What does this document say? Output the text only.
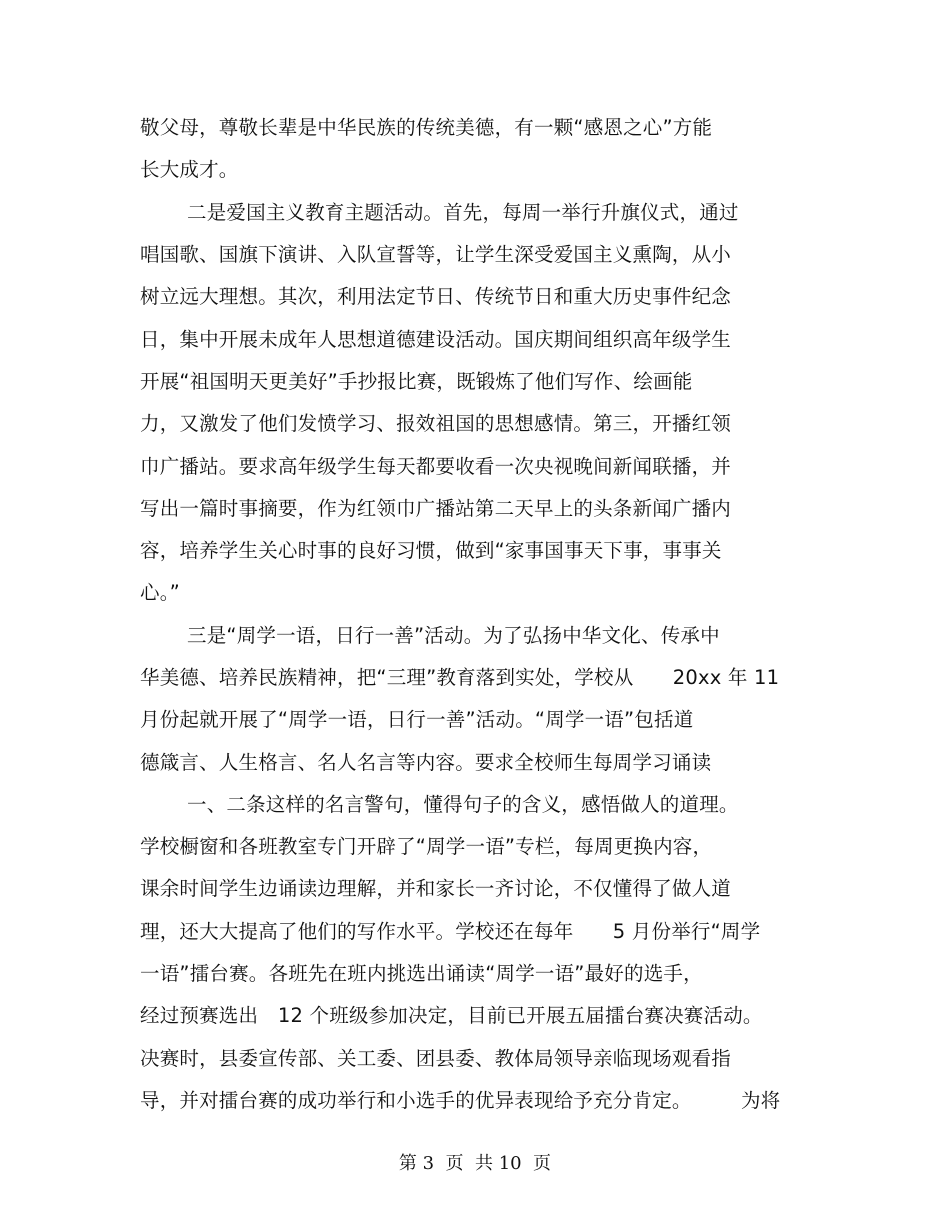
敬父母，尊敬长辈是中华民族的传统美德，有一颗“感恩之心”方能
长大成才。
二是爱国主义教育主题活动。首先，每周一举行升旗仪式，通过
唱国歌、国旗下演讲、入队宣誓等，让学生深受爱国主义熏陶，从小
树立远大理想。其次，利用法定节日、传统节日和重大历史事件纪念
日，集中开展未成年人思想道德建设活动。国庆期间组织高年级学生
开展“祖国明天更美好”手抄报比赛，既锻炼了他们写作、绘画能
力，又激发了他们发愤学习、报效祖国的思想感情。第三，开播红领
巾广播站。要求高年级学生每天都要收看一次央视晚间新闻联播，并
写出一篇时事摘要，作为红领巾广播站第二天早上的头条新闻广播内
容，培养学生关心时事的良好习惯，做到“家事国事天下事，事事关
心。”
三是“周学一语，日行一善”活动。为了弘扬中华文化、传承中
华美德、培养民族精神，把“三理”教育落到实处，学校从　　20xx 年 11
月份起就开展了“周学一语，日行一善”活动。“周学一语”包括道
德箴言、人生格言、名人名言等内容。要求全校师生每周学习诵读
一、二条这样的名言警句，懂得句子的含义，感悟做人的道理。
学校橱窗和各班教室专门开辟了“周学一语”专栏，每周更换内容，
课余时间学生边诵读边理解，并和家长一齐讨论，不仅懂得了做人道
理，还大大提高了他们的写作水平。学校还在每年　　5 月份举行“周学
一语”擂台赛。各班先在班内挑选出诵读“周学一语”最好的选手，
经过预赛选出　12 个班级参加决定，目前已开展五届擂台赛决赛活动。
决赛时，县委宣传部、关工委、团县委、教体局领导亲临现场观看指
导，并对擂台赛的成功举行和小选手的优异表现给予充分肯定。　　　为将
第 3  页  共 10  页
